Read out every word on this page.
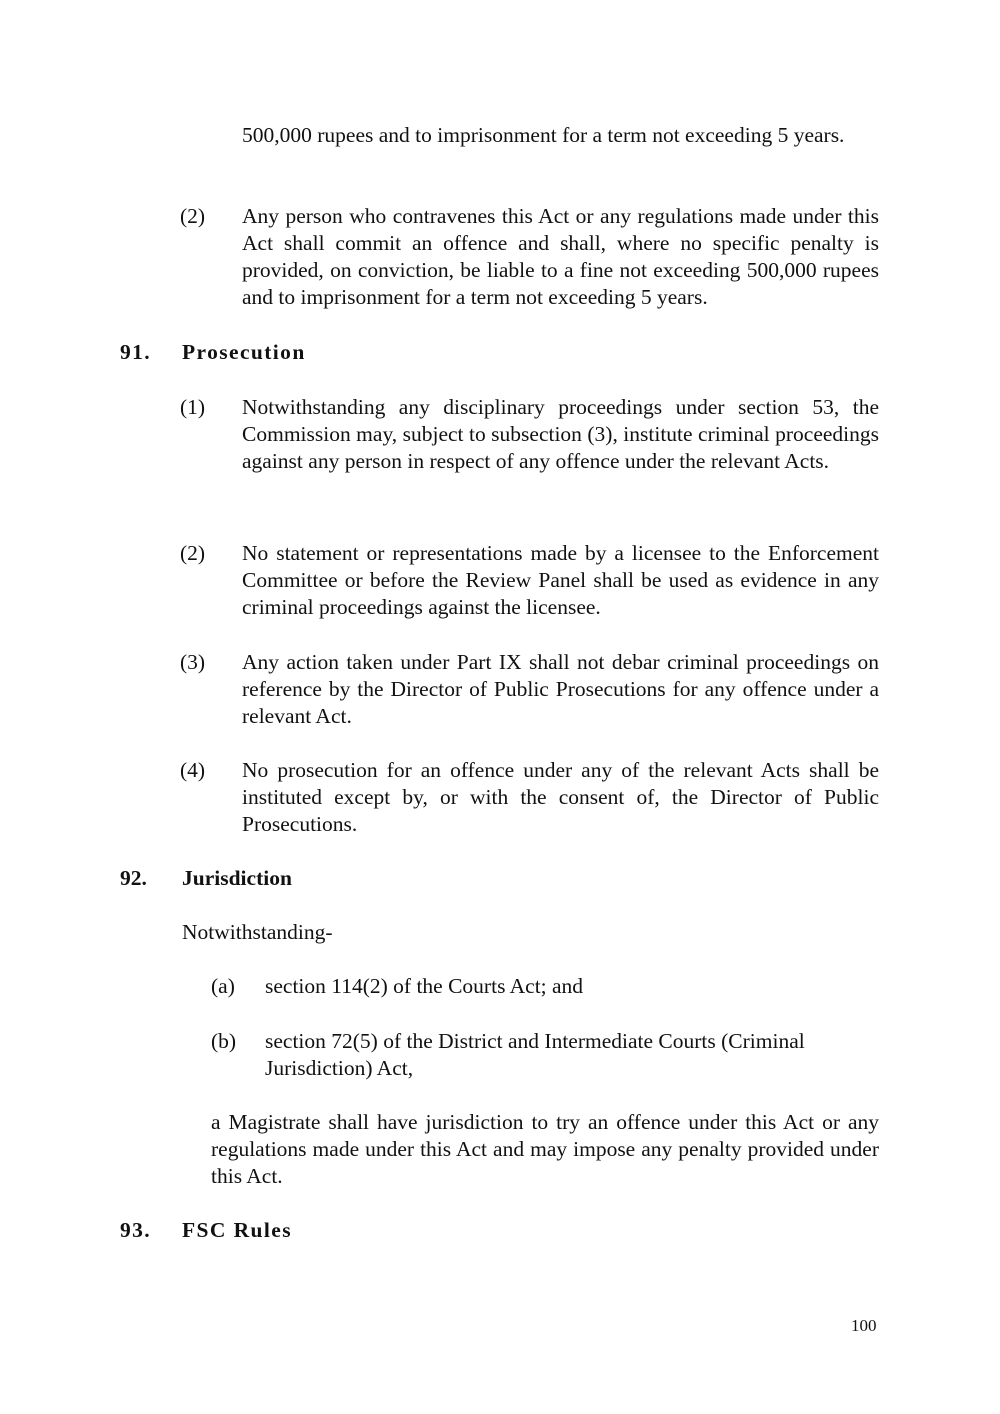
500,000 rupees and to imprisonment for a term not exceeding 5 years.
(2) Any person who contravenes this Act or any regulations made under this Act shall commit an offence and shall, where no specific penalty is provided, on conviction, be liable to a fine not exceeding 500,000 rupees and to imprisonment for a term not exceeding 5 years.
91. Prosecution
(1) Notwithstanding any disciplinary proceedings under section 53, the Commission may, subject to subsection (3), institute criminal proceedings against any person in respect of any offence under the relevant Acts.
(2) No statement or representations made by a licensee to the Enforcement Committee or before the Review Panel shall be used as evidence in any criminal proceedings against the licensee.
(3) Any action taken under Part IX shall not debar criminal proceedings on reference by the Director of Public Prosecutions for any offence under a relevant Act.
(4) No prosecution for an offence under any of the relevant Acts shall be instituted except by, or with the consent of, the Director of Public Prosecutions.
92. Jurisdiction
Notwithstanding-
(a) section 114(2) of the Courts Act; and
(b) section 72(5) of the District and Intermediate Courts (Criminal Jurisdiction) Act,
a Magistrate shall have jurisdiction to try an offence under this Act or any regulations made under this Act and may impose any penalty provided under this Act.
93. FSC Rules
100
